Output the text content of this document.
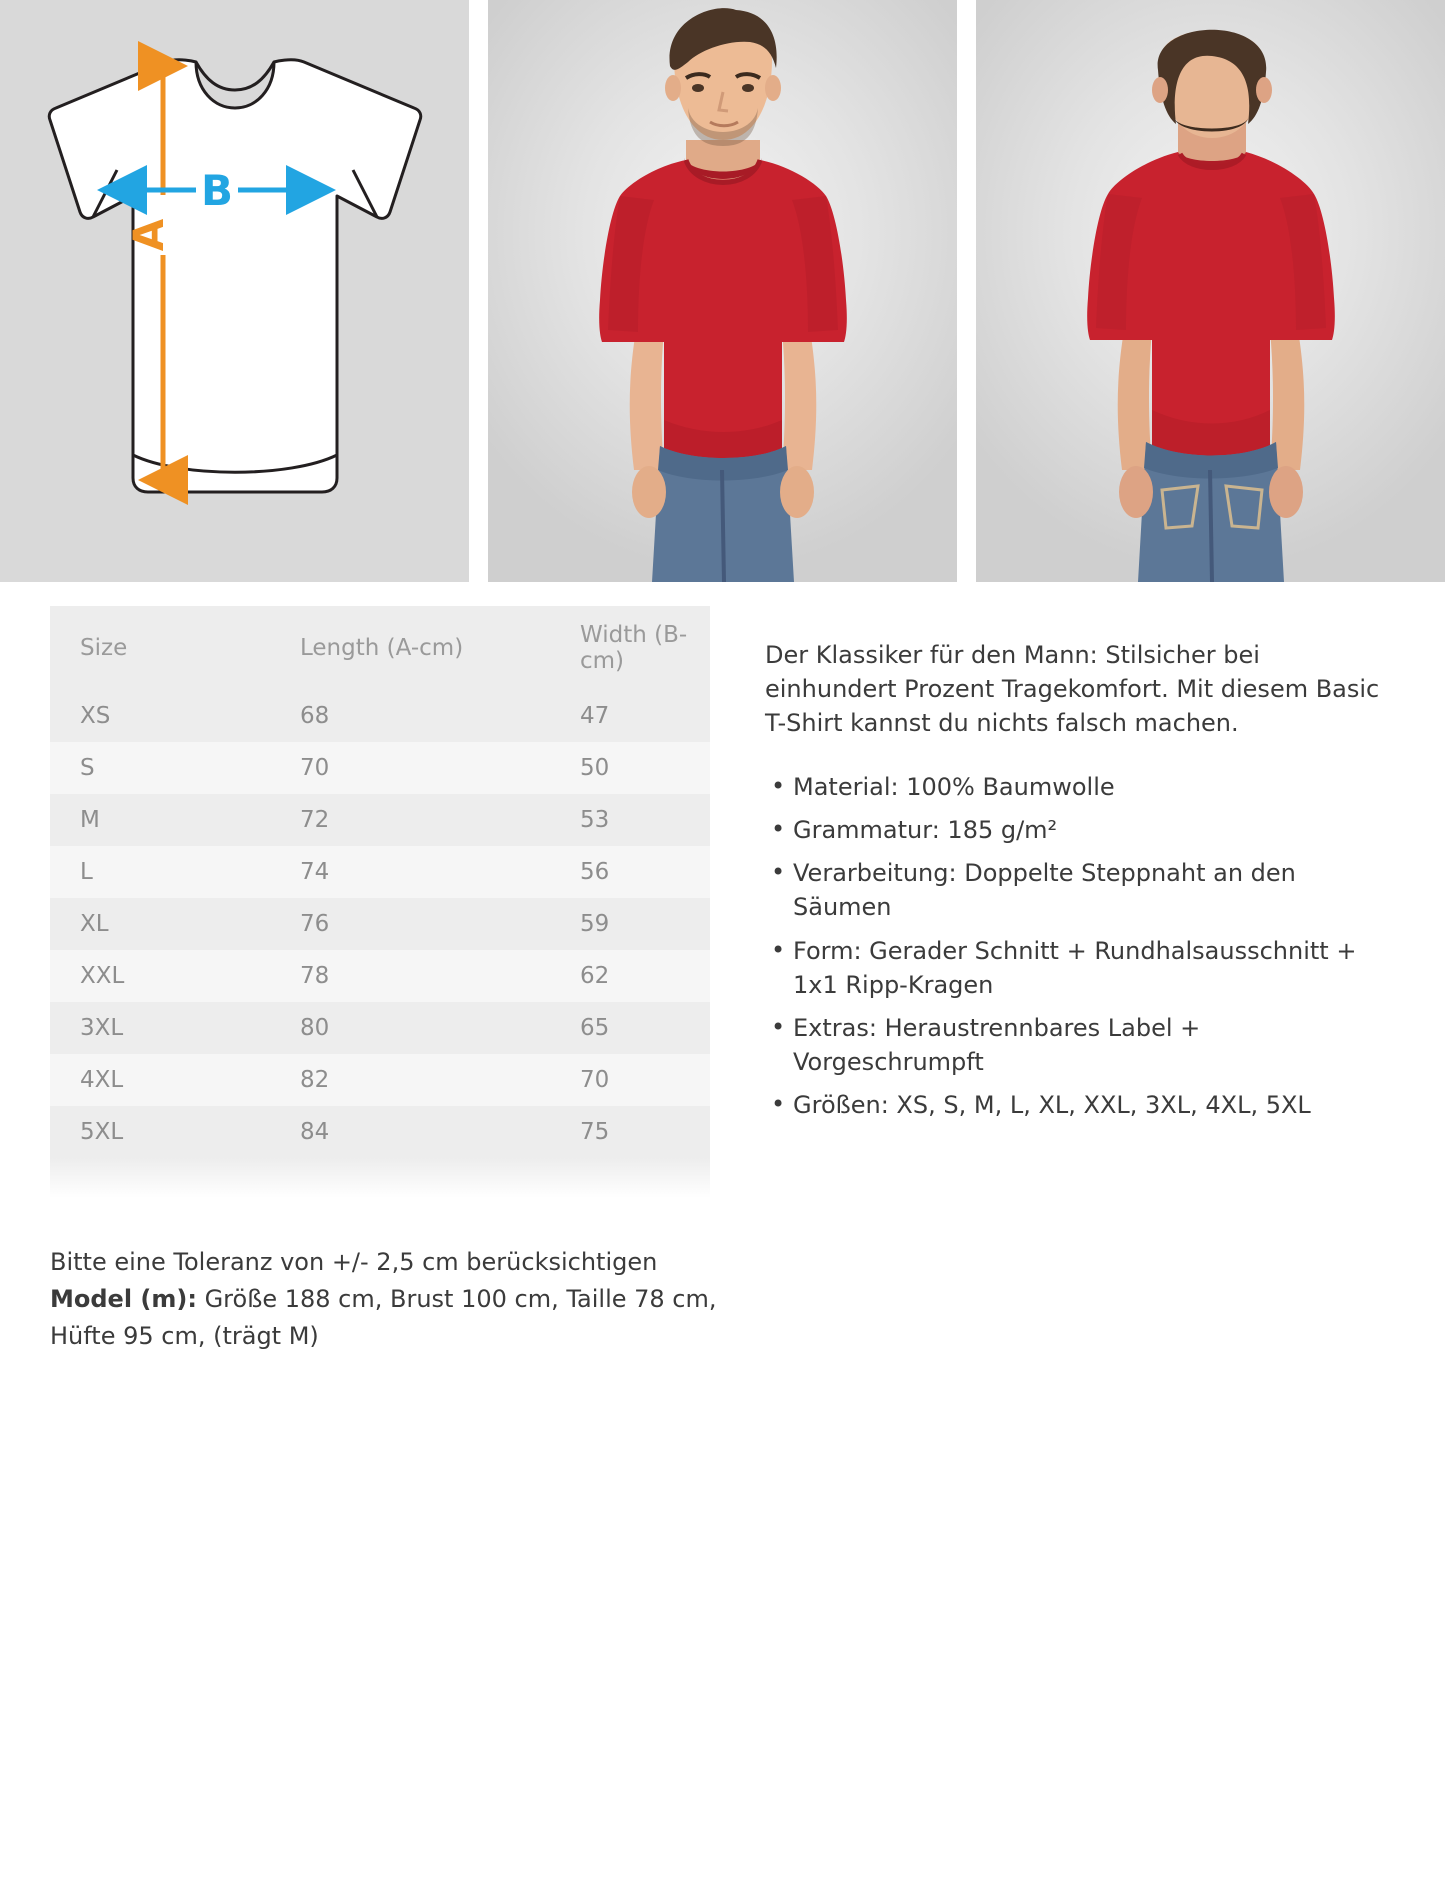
A
B
Size	Length (A-cm)	Width (B-cm)
XS	68	47
S	70	50
M	72	53
L	74	56
XL	76	59
XXL	78	62
3XL	80	65
4XL	82	70
5XL	84	75

Bitte eine Toleranz von +/- 2,5 cm berücksichtigen
Model (m): Größe 188 cm, Brust 100 cm, Taille 78 cm, Hüfte 95 cm, (trägt M)

Der Klassiker für den Mann: Stilsicher bei einhundert Prozent Tragekomfort. Mit diesem Basic T-Shirt kannst du nichts falsch machen.

• Material: 100% Baumwolle
• Grammatur: 185 g/m²
• Verarbeitung: Doppelte Steppnaht an den Säumen
• Form: Gerader Schnitt + Rundhalsausschnitt + 1x1 Ripp-Kragen
• Extras: Heraustrennbares Label + Vorgeschrumpft
• Größen: XS, S, M, L, XL, XXL, 3XL, 4XL, 5XL
